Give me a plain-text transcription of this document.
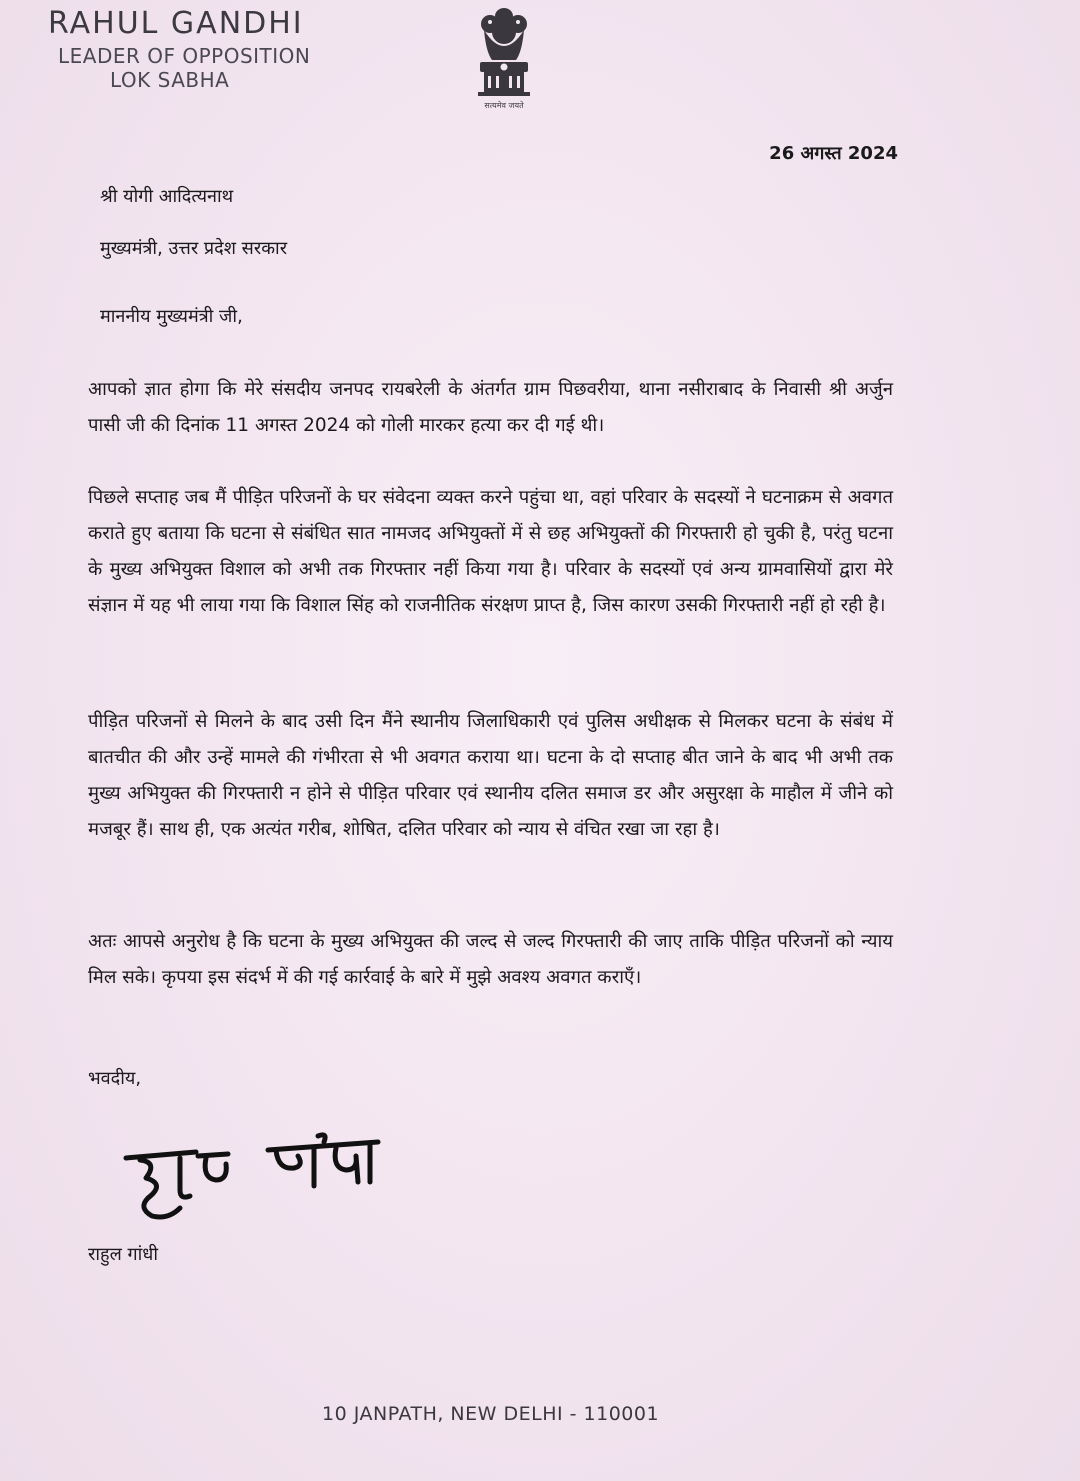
RAHUL GANDHI
LEADER OF OPPOSITION
LOK SABHA
सत्यमेव जयते
26 अगस्त 2024
श्री योगी आदित्यनाथ
मुख्यमंत्री, उत्तर प्रदेश सरकार
माननीय मुख्यमंत्री जी,
आपको ज्ञात होगा कि मेरे संसदीय जनपद रायबरेली के अंतर्गत ग्राम पिछवरीया, थाना नसीराबाद के निवासी श्री अर्जुन पासी जी की दिनांक 11 अगस्त 2024 को गोली मारकर हत्या कर दी गई थी।
पिछले सप्ताह जब मैं पीड़ित परिजनों के घर संवेदना व्यक्त करने पहुंचा था, वहां परिवार के सदस्यों ने घटनाक्रम से अवगत कराते हुए बताया कि घटना से संबंधित सात नामजद अभियुक्तों में से छह अभियुक्तों की गिरफ्तारी हो चुकी है, परंतु घटना के मुख्य अभियुक्त विशाल को अभी तक गिरफ्तार नहीं किया गया है। परिवार के सदस्यों एवं अन्य ग्रामवासियों द्वारा मेरे संज्ञान में यह भी लाया गया कि विशाल सिंह को राजनीतिक संरक्षण प्राप्त है, जिस कारण उसकी गिरफ्तारी नहीं हो रही है।
पीड़ित परिजनों से मिलने के बाद उसी दिन मैंने स्थानीय जिलाधिकारी एवं पुलिस अधीक्षक से मिलकर घटना के संबंध में बातचीत की और उन्हें मामले की गंभीरता से भी अवगत कराया था। घटना के दो सप्ताह बीत जाने के बाद भी अभी तक मुख्य अभियुक्त की गिरफ्तारी न होने से पीड़ित परिवार एवं स्थानीय दलित समाज डर और असुरक्षा के माहौल में जीने को मजबूर हैं। साथ ही, एक अत्यंत गरीब, शोषित, दलित परिवार को न्याय से वंचित रखा जा रहा है।
अतः आपसे अनुरोध है कि घटना के मुख्य अभियुक्त की जल्द से जल्द गिरफ्तारी की जाए ताकि पीड़ित परिजनों को न्याय मिल सके। कृपया इस संदर्भ में की गई कार्रवाई के बारे में मुझे अवश्य अवगत कराएँ।
भवदीय,
राहुल गांधी
10 JANPATH, NEW DELHI - 110001
